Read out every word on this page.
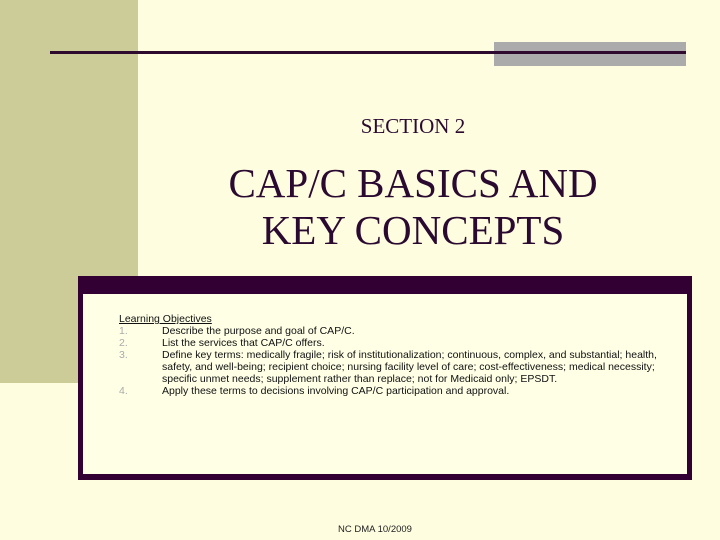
SECTION 2
CAP/C BASICS AND
KEY CONCEPTS
Learning Objectives
1.	Describe the purpose and goal of CAP/C.
2.	List the services that CAP/C offers.
3.	Define key terms: medically fragile; risk of institutionalization; continuous, complex, and substantial; health, safety, and well-being; recipient choice; nursing facility level of care; cost-effectiveness; medical necessity; specific unmet needs; supplement rather than replace; not for Medicaid only; EPSDT.
4.	Apply these terms to decisions involving CAP/C participation and approval.
NC DMA 10/2009
